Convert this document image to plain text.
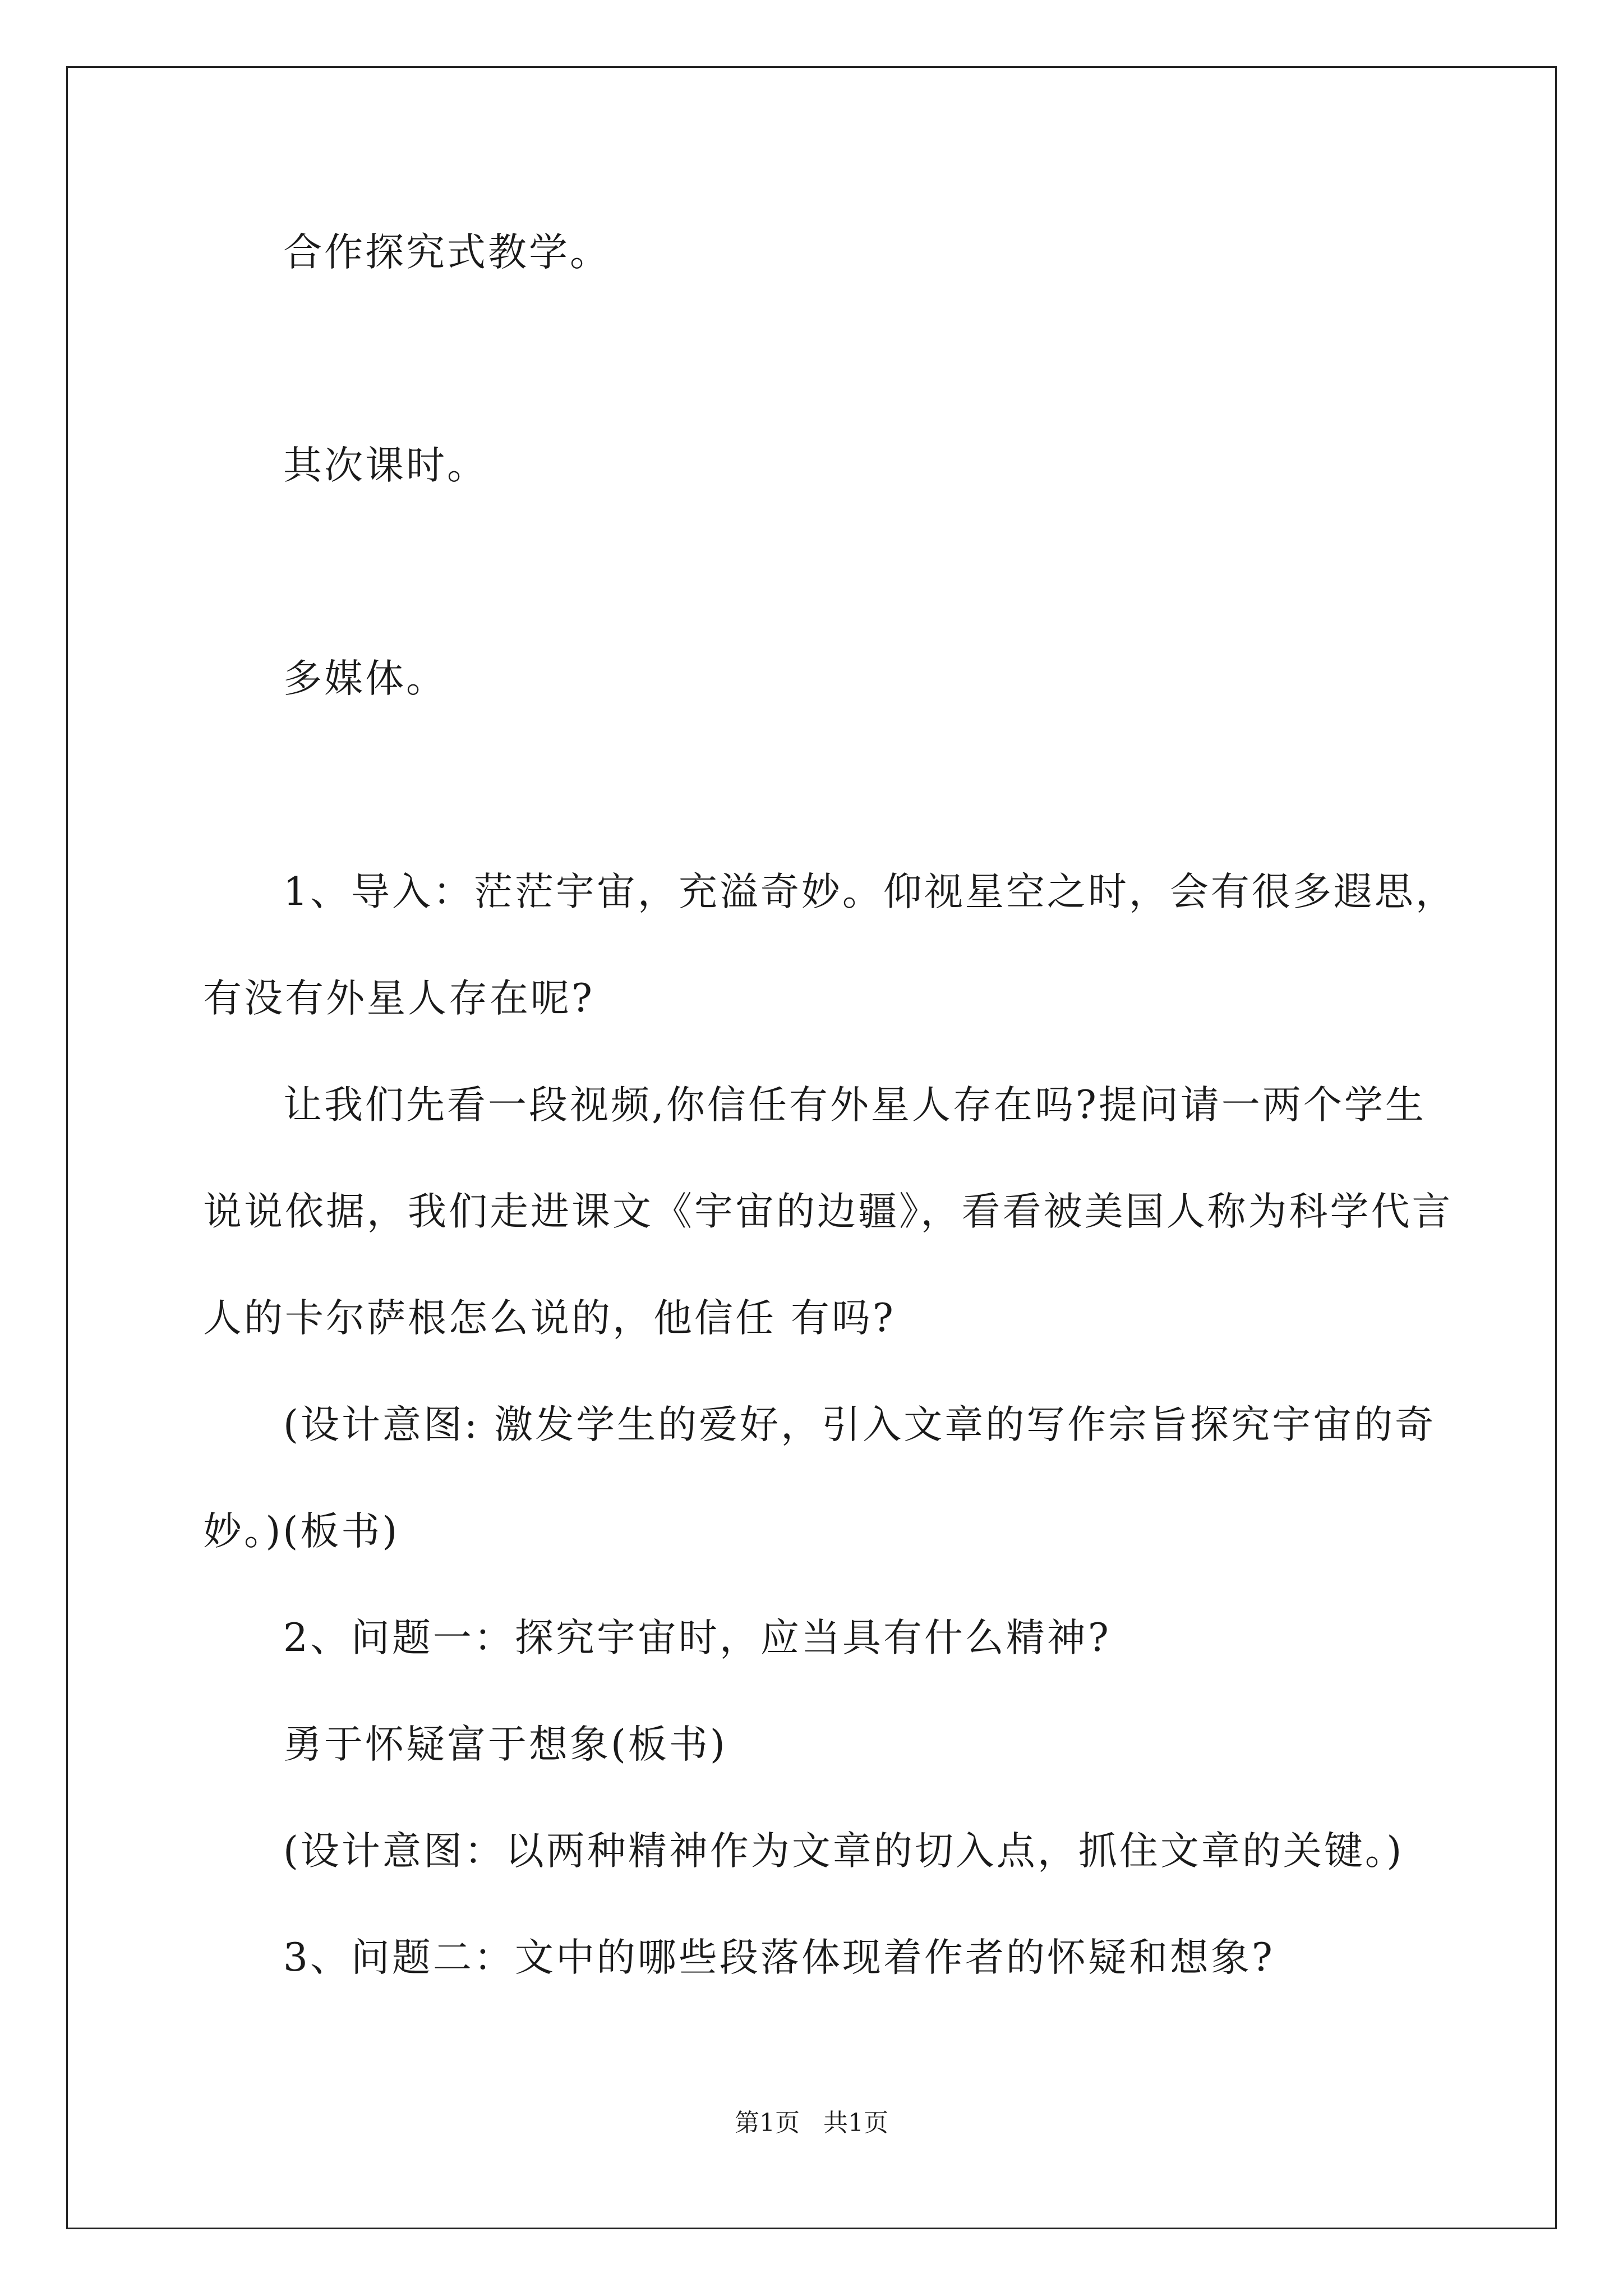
合作探究式教学。
其次课时。
多媒体。
1、导入：茫茫宇宙，充溢奇妙。仰视星空之时，会有很多遐思，
有没有外星人存在呢?
让我们先看一段视频,你信任有外星人存在吗?提问请一两个学生
说说依据，我们走进课文《宇宙的边疆》，看看被美国人称为科学代言
人的卡尔萨根怎么说的，他信任 有吗?
(设计意图: 激发学生的爱好，引入文章的写作宗旨探究宇宙的奇
妙。)(板书)
2、问题一：探究宇宙时，应当具有什么精神?
勇于怀疑富于想象(板书)
(设计意图：以两种精神作为文章的切入点，抓住文章的关键。)
3、问题二：文中的哪些段落体现着作者的怀疑和想象?
第1页   共1页
